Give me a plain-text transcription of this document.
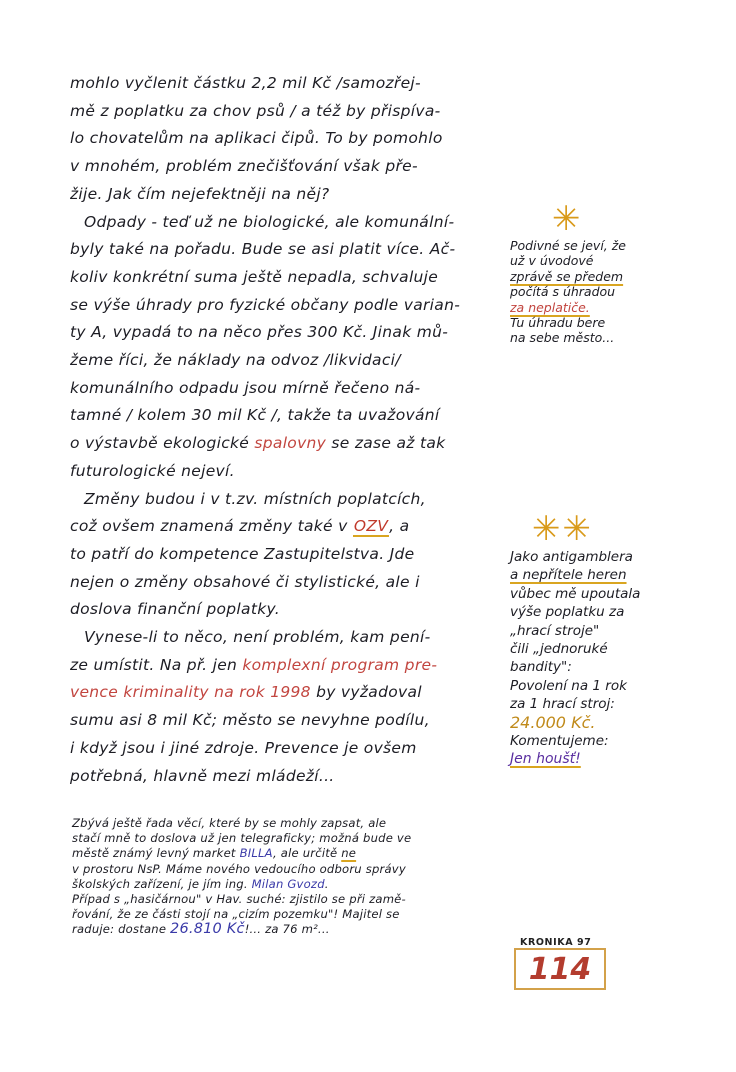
mohlo vyčlenit částku 2,2 mil Kč /samozřej-

mě z poplatku za chov psů / a též by přispíva-

lo chovatelům na aplikaci čipů. To by pomohlo

v mnohém, problém znečišťování však pře-

žije. Jak čím nejefektněji na něj?

Odpady - teď už ne biologické, ale komunální-

byly také na pořadu. Bude se asi platit více. Ač-

koliv konkrétní suma ještě nepadla, schvaluje

se výše úhrady pro fyzické občany podle varian-

ty A, vypadá to na něco přes 300 Kč. Jinak mů-

žeme říci, že náklady na odvoz /likvidaci/

komunálního odpadu jsou mírně řečeno ná-

tamné / kolem 30 mil Kč /, takže ta uvažování

o výstavbě ekologické spalovny se zase až tak

futurologické nejeví.

Změny budou i v t.zv. místních poplatcích,

což ovšem znamená změny také v OZV, a

to patří do kompetence Zastupitelstva. Jde

nejen o změny obsahové či stylistické, ale i

doslova finanční poplatky.

Vynese-li to něco, není problém, kam pení-

ze umístit. Na př. jen komplexní program pre-

vence kriminality na rok 1998 by vyžadoval

sumu asi 8 mil Kč; město se nevyhne podílu,

i když jsou i jiné zdroje. Prevence je ovšem

potřebná, hlavně mezi mládeží...

Zbývá ještě řada věcí, které by se mohly zapsat, ale

stačí mně to doslova už jen telegraficky; možná bude ve

městě známý levný market BILLA, ale určitě ne

v prostoru NsP. Máme nového vedoucího odboru správy

školských zařízení, je jím ing. Milan Gvozd.

Případ s „hasičárnou" v Hav. suché: zjistilo se při zamě-

řování, že ze části stojí na „cizím pozemku"! Majitel se

raduje: dostane 26.810 Kč!... za 76 m²...

✳

Podivné se jeví, že

už v úvodové

zprávě se předem

počítá s úhradou

za neplatiče.

Tu úhradu bere

na sebe město...

✳✳

Jako antigamblera

a nepřítele heren

vůbec mě upoutala

výše poplatku za

„hrací stroje"

čili „jednoruké

bandity":

Povolení na 1 rok

za 1 hrací stroj:

24.000 Kč.

Komentujeme:

Jen houšť!

KRONIKA 97
114
